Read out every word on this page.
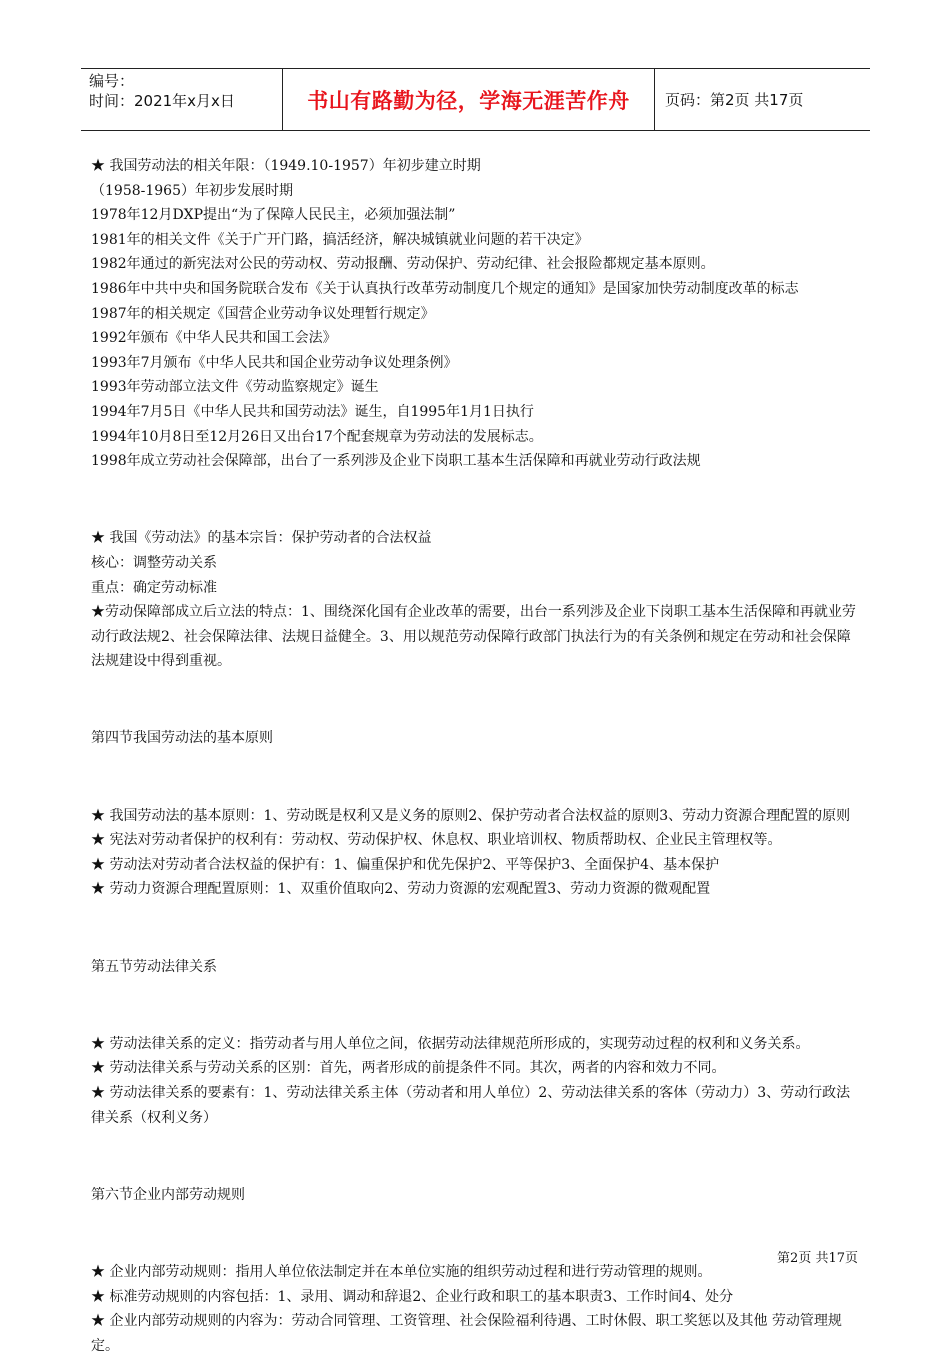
编号：
时间：2021年x月x日	书山有路勤为径，学海无涯苦作舟	页码：第2页 共17页

★ 我国劳动法的相关年限：（1949.10-1957）年初步建立时期

（1958-1965）年初步发展时期

1978年12月DXP提出“为了保障人民民主，必须加强法制”

1981年的相关文件《关于广开门路，搞活经济，解决城镇就业问题的若干决定》

1982年通过的新宪法对公民的劳动权、劳动报酬、劳动保护、劳动纪律、社会报险都规定基本原则。

1986年中共中央和国务院联合发布《关于认真执行改革劳动制度几个规定的通知》是国家加快劳动制度改革的标志

1987年的相关规定《国营企业劳动争议处理暂行规定》

1992年颁布《中华人民共和国工会法》

1993年7月颁布《中华人民共和国企业劳动争议处理条例》

1993年劳动部立法文件《劳动监察规定》诞生

1994年7月5日《中华人民共和国劳动法》诞生，自1995年1月1日执行

1994年10月8日至12月26日又出台17个配套规章为劳动法的发展标志。

1998年成立劳动社会保障部，出台了一系列涉及企业下岗职工基本生活保障和再就业劳动行政法规

★ 我国《劳动法》的基本宗旨：保护劳动者的合法权益

核心：调整劳动关系

重点：确定劳动标准

★劳动保障部成立后立法的特点：1、围绕深化国有企业改革的需要，出台一系列涉及企业下岗职工基本生活保障和再就业劳动行政法规2、社会保障法律、法规日益健全。3、用以规范劳动保障行政部门执法行为的有关条例和规定在劳动和社会保障法规建设中得到重视。

第四节我国劳动法的基本原则

★ 我国劳动法的基本原则：1、劳动既是权利又是义务的原则2、保护劳动者合法权益的原则3、劳动力资源合理配置的原则

★ 宪法对劳动者保护的权利有：劳动权、劳动保护权、休息权、职业培训权、物质帮助权、企业民主管理权等。

★ 劳动法对劳动者合法权益的保护有：1、偏重保护和优先保护2、平等保护3、全面保护4、基本保护

★ 劳动力资源合理配置原则：1、双重价值取向2、劳动力资源的宏观配置3、劳动力资源的微观配置

第五节劳动法律关系

★ 劳动法律关系的定义：指劳动者与用人单位之间，依据劳动法律规范所形成的，实现劳动过程的权利和义务关系。

★ 劳动法律关系与劳动关系的区别：首先，两者形成的前提条件不同。其次，两者的内容和效力不同。

★ 劳动法律关系的要素有：1、劳动法律关系主体（劳动者和用人单位）2、劳动法律关系的客体（劳动力）3、劳动行政法律关系（权利义务）

第六节企业内部劳动规则

★ 企业内部劳动规则：指用人单位依法制定并在本单位实施的组织劳动过程和进行劳动管理的规则。

★ 标准劳动规则的内容包括：1、录用、调动和辞退2、企业行政和职工的基本职责3、工作时间4、处分

★ 企业内部劳动规则的内容为：劳动合同管理、工资管理、社会保险福利待遇、工时休假、职工奖惩以及其他 劳动管理规定。

第2页 共17页
